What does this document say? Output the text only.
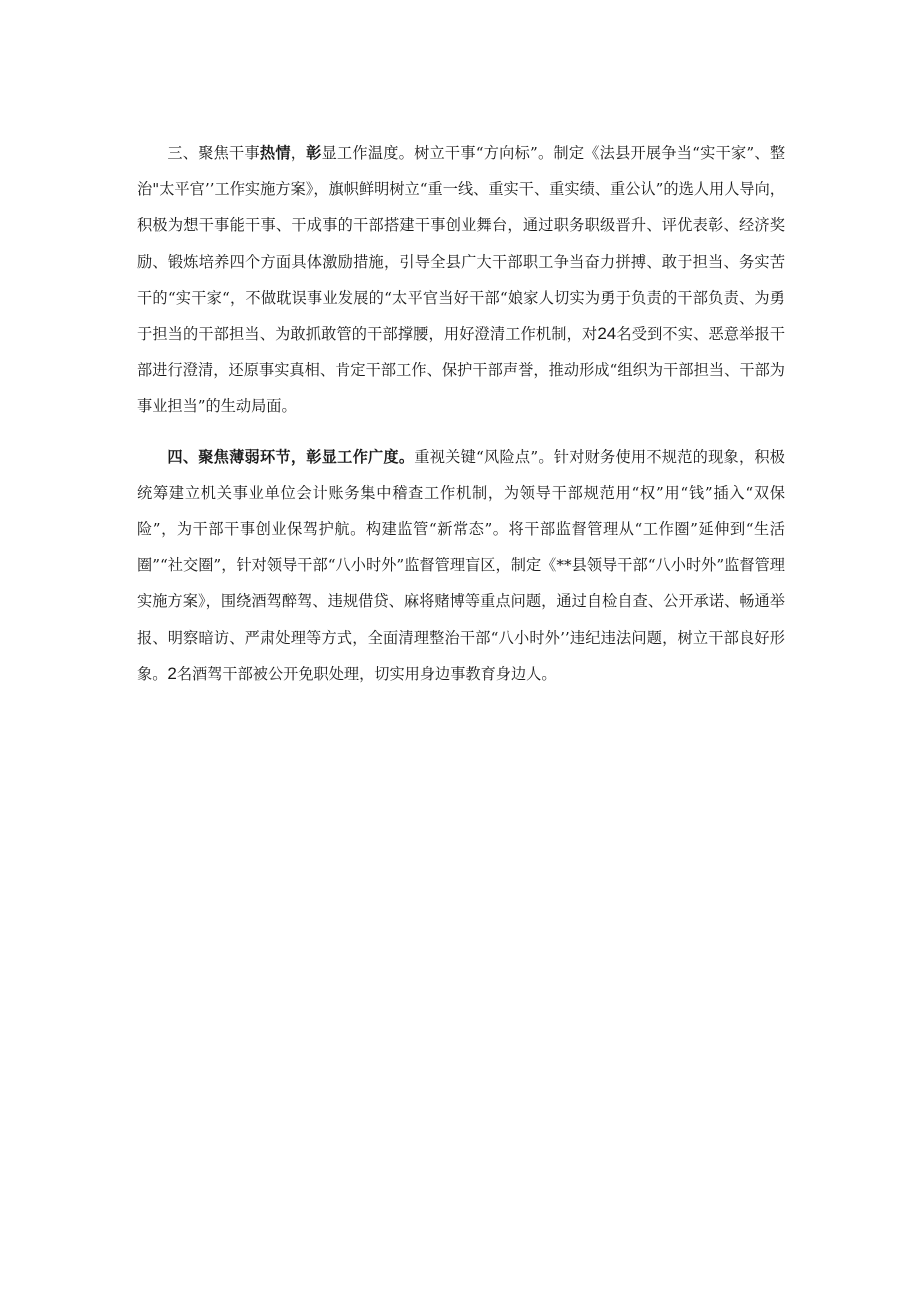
三、聚焦干事热情，彰显工作温度。树立干事“方向标”。制定《法县开展争当“实干家”、整治"太平官’’工作实施方案》，旗帜鲜明树立“重一线、重实干、重实绩、重公认”的选人用人导向，积极为想干事能干事、干成事的干部搭建干事创业舞台，通过职务职级晋升、评优表彰、经济奖励、锻炼培养四个方面具体激励措施，引导全县广大干部职工争当奋力拼搏、敢于担当、务实苦干的“实干家“，不做耽误事业发展的“太平官当好干部“娘家人切实为勇于负责的干部负责、为勇于担当的干部担当、为敢抓敢管的干部撑腰，用好澄清工作机制，对24名受到不实、恶意举报干部进行澄清，还原事实真相、肯定干部工作、保护干部声誉，推动形成“组织为干部担当、干部为事业担当”的生动局面。

四、聚焦薄弱环节，彰显工作广度。重视关键“风险点”。针对财务使用不规范的现象，积极统筹建立机关事业单位会计账务集中稽查工作机制，为领导干部规范用“权”用“钱”插入“双保险”，为干部干事创业保驾护航。构建监管“新常态”。将干部监督管理从“工作圈”延伸到“生活圈”“社交圈”，针对领导干部“八小时外”监督管理盲区，制定《**县领导干部“八小时外”监督管理实施方案》，围绕酒驾醉驾、违规借贷、麻将赌博等重点问题，通过自检自查、公开承诺、畅通举报、明察暗访、严肃处理等方式，全面清理整治干部“八小时外’’违纪违法问题，树立干部良好形象。2名酒驾干部被公开免职处理，切实用身边事教育身边人。
